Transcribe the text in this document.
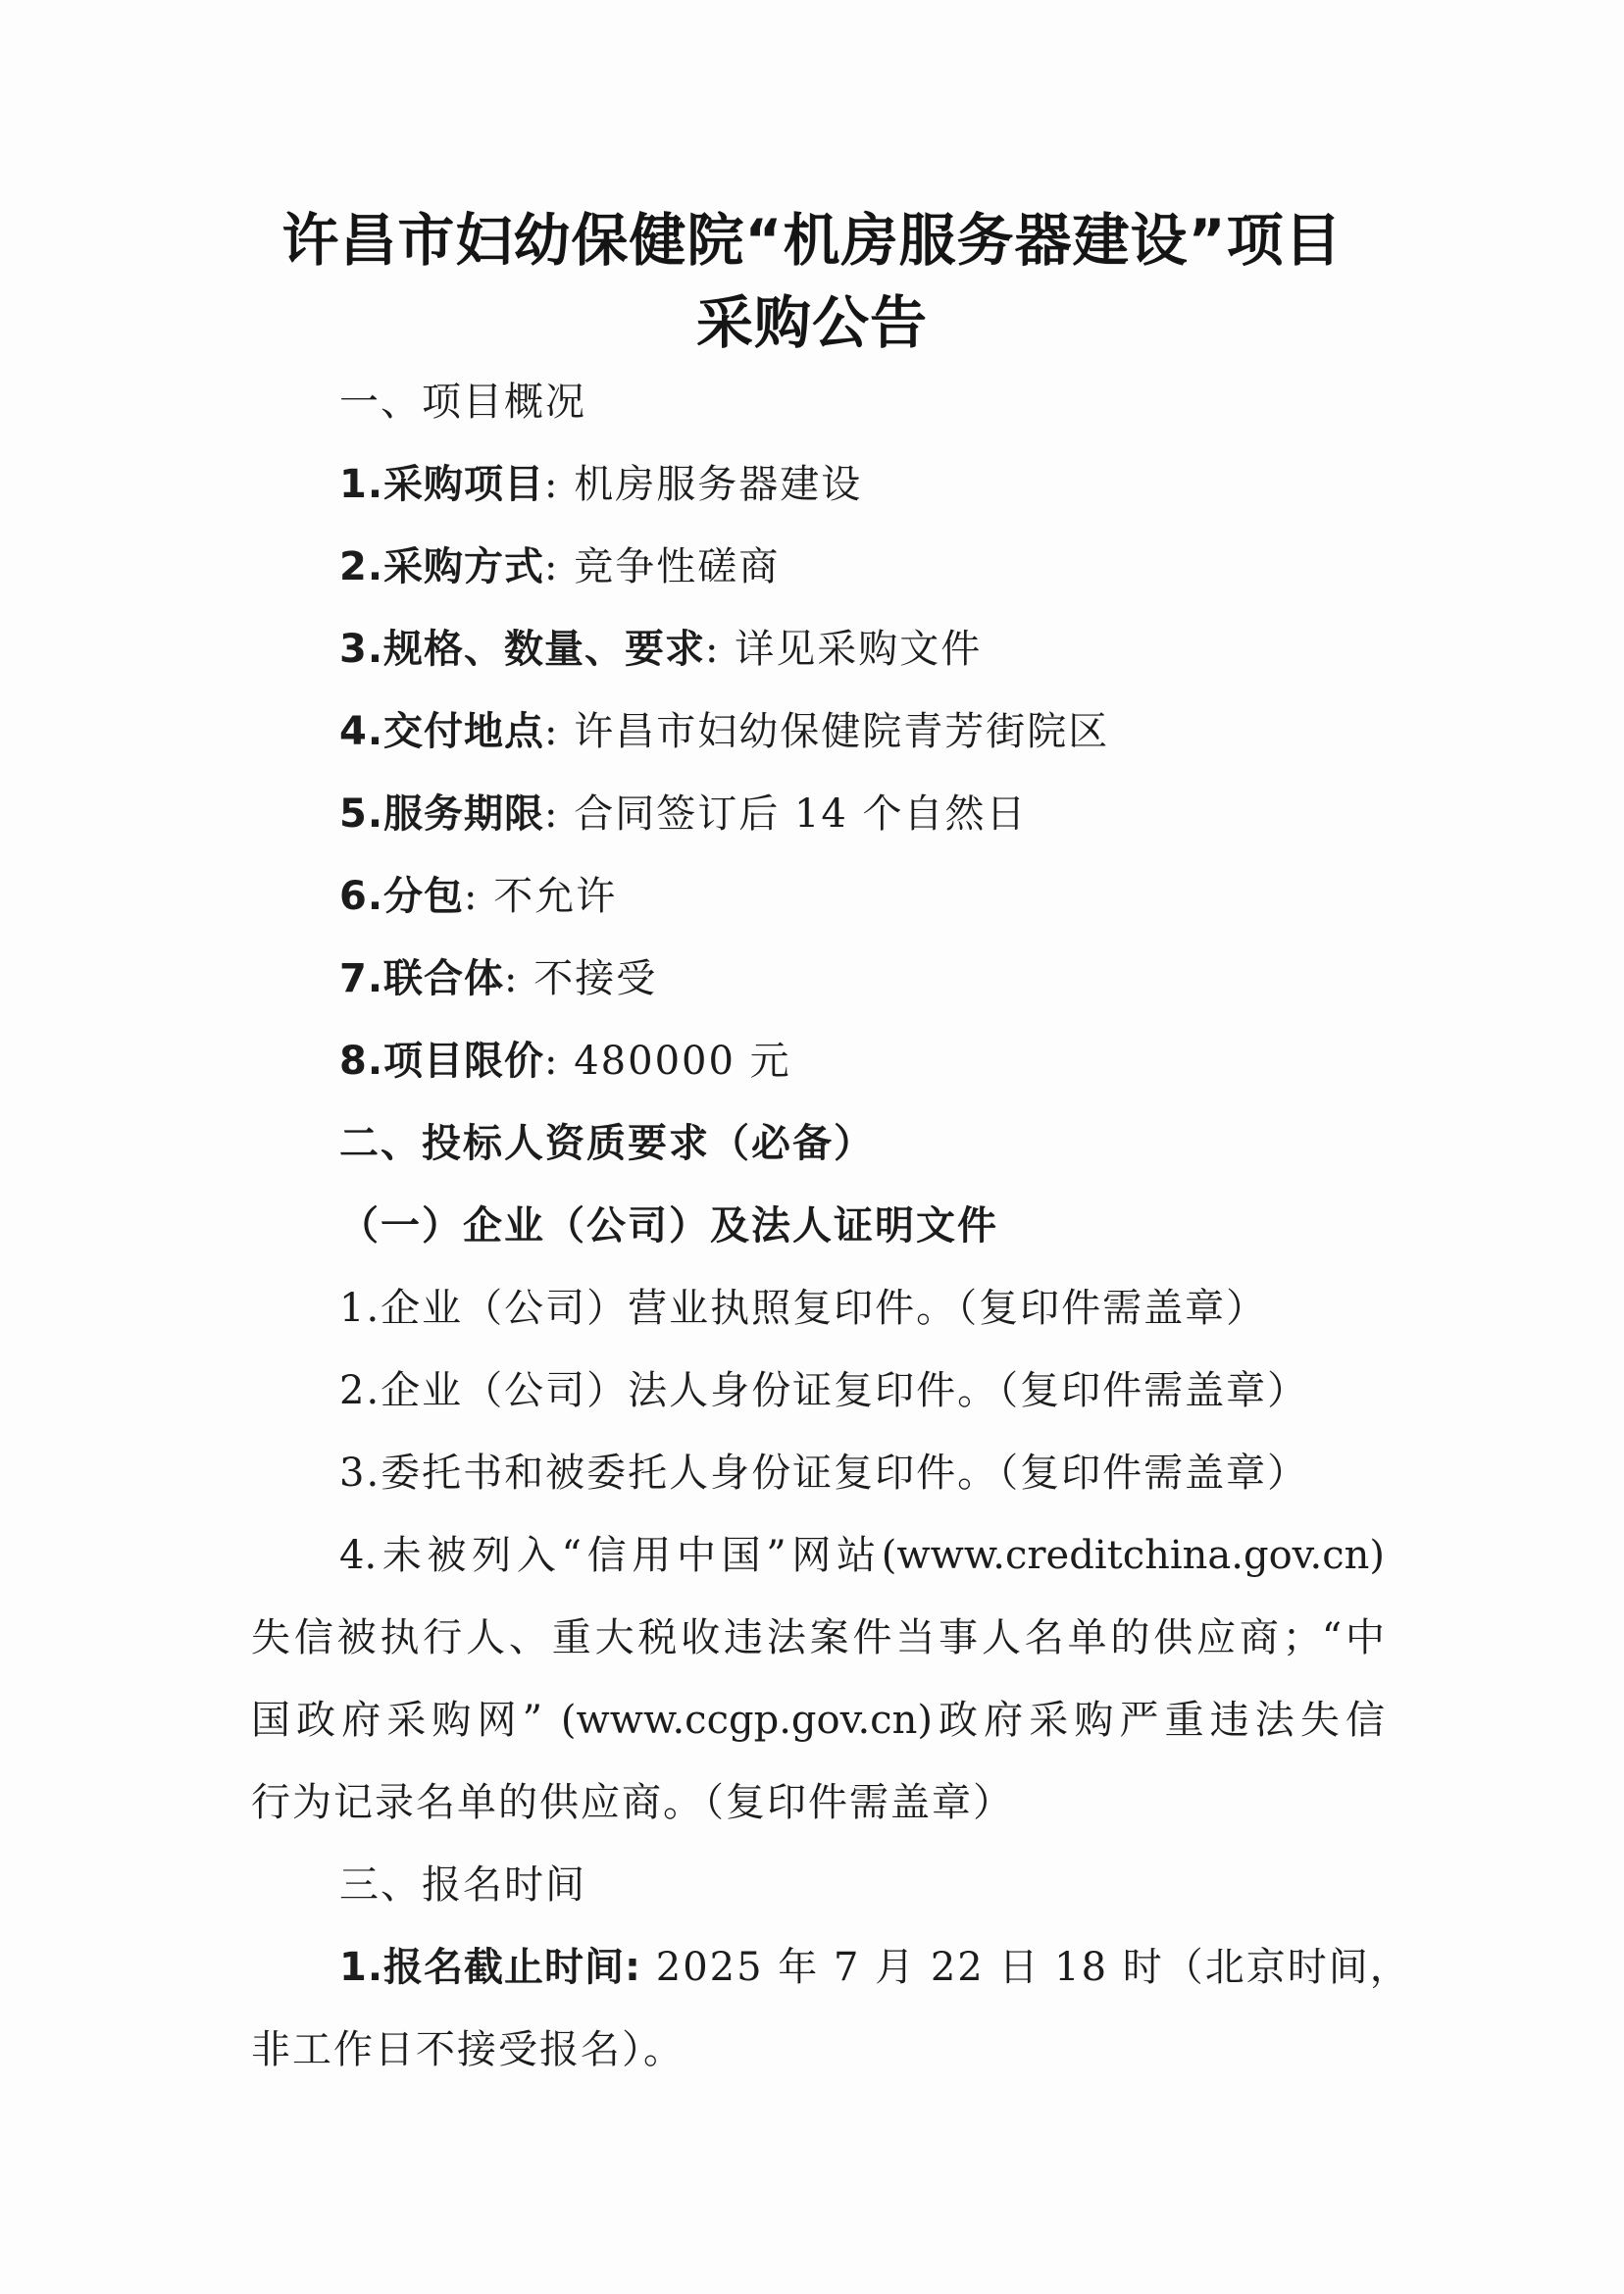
许昌市妇幼保健院“机房服务器建设”项目
采购公告
一、项目概况
1.采购项目: 机房服务器建设
2.采购方式: 竞争性磋商
3.规格、数量、要求: 详见采购文件
4.交付地点: 许昌市妇幼保健院青芳街院区
5.服务期限: 合同签订后 14 个自然日
6.分包: 不允许
7.联合体: 不接受
8.项目限价: 480000 元
二、投标人资质要求（必备）
（一）企业（公司）及法人证明文件
1.企业（公司）营业执照复印件。（复印件需盖章）
2.企业（公司）法人身份证复印件。（复印件需盖章）
3.委托书和被委托人身份证复印件。（复印件需盖章）
4.未被列入“信用中国”网站(www.creditchina.gov.cn)
失信被执行人、重大税收违法案件当事人名单的供应商；“中
国政府采购网” (www.ccgp.gov.cn)政府采购严重违法失信
行为记录名单的供应商。（复印件需盖章）
三、报名时间
1.报名截止时间: 2025 年 7 月 22 日 18 时（北京时间，
非工作日不接受报名）。
